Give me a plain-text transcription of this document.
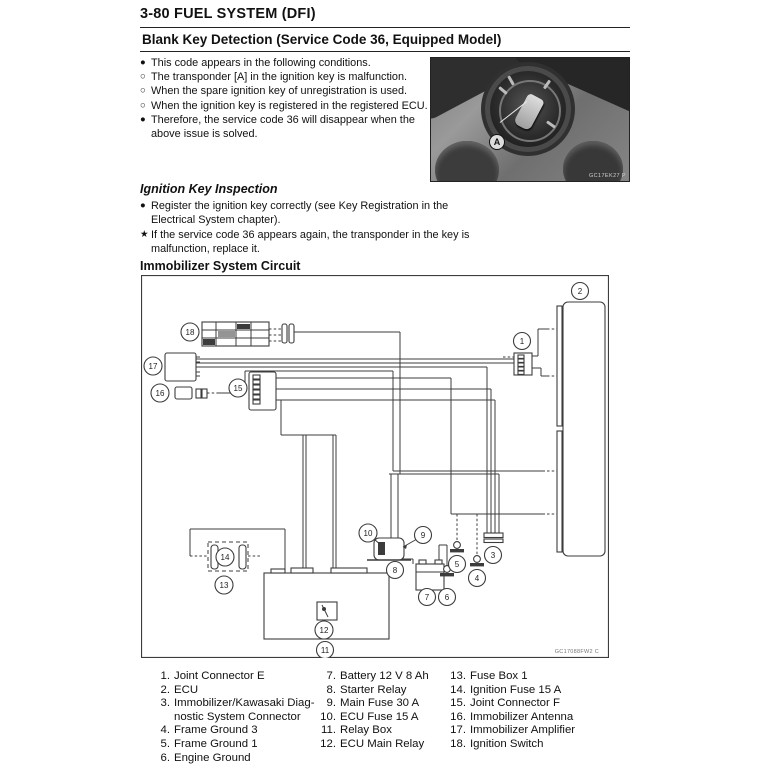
3-80 FUEL SYSTEM (DFI)
Blank Key Detection (Service Code 36, Equipped Model)
● This code appears in the following conditions.
○ The transponder [A] in the ignition key is malfunction.
○ When the spare ignition key of unregistration is used.
○ When the ignition key is registered in the registered ECU.
● Therefore, the service code 36 will disappear when the above issue is solved.
A
GC17EK27 P
Ignition Key Inspection
● Register the ignition key correctly (see Key Registration in the Electrical System chapter).
★ If the service code 36 appears again, the transponder in the key is malfunction, replace it.
Immobilizer System Circuit
18
17
16
15
1
2
14
13
12
11
10	9
8
7 6
5
4
3
GC17088FW2 C
1. Joint Connector E
2. ECU
3. Immobilizer/Kawasaki Diag-
nostic System Connector
4. Frame Ground 3
5. Frame Ground 1
6. Engine Ground
7. Battery 12 V 8 Ah
8. Starter Relay
9. Main Fuse 30 A
10. ECU Fuse 15 A
11. Relay Box
12. ECU Main Relay
13. Fuse Box 1
14. Ignition Fuse 15 A
15. Joint Connector F
16. Immobilizer Antenna
17. Immobilizer Amplifier
18. Ignition Switch
